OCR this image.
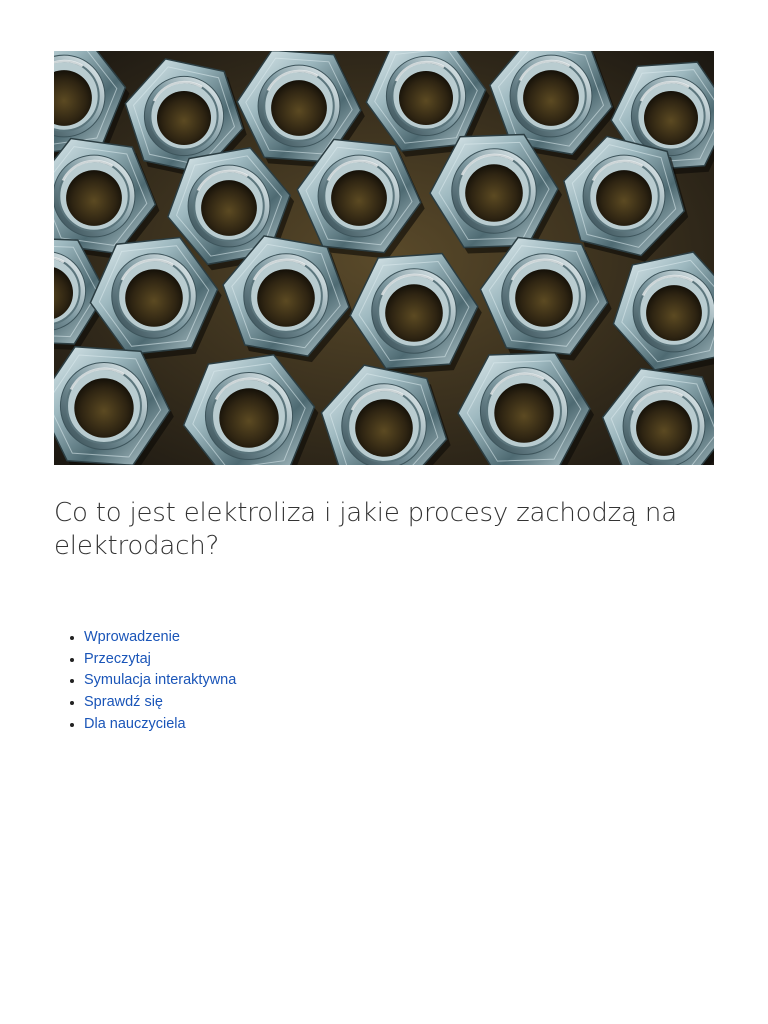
Co to jest elektroliza i jakie procesy zachodzą na elektrodach?
Wprowadzenie
Przeczytaj
Symulacja interaktywna
Sprawdź się
Dla nauczyciela
